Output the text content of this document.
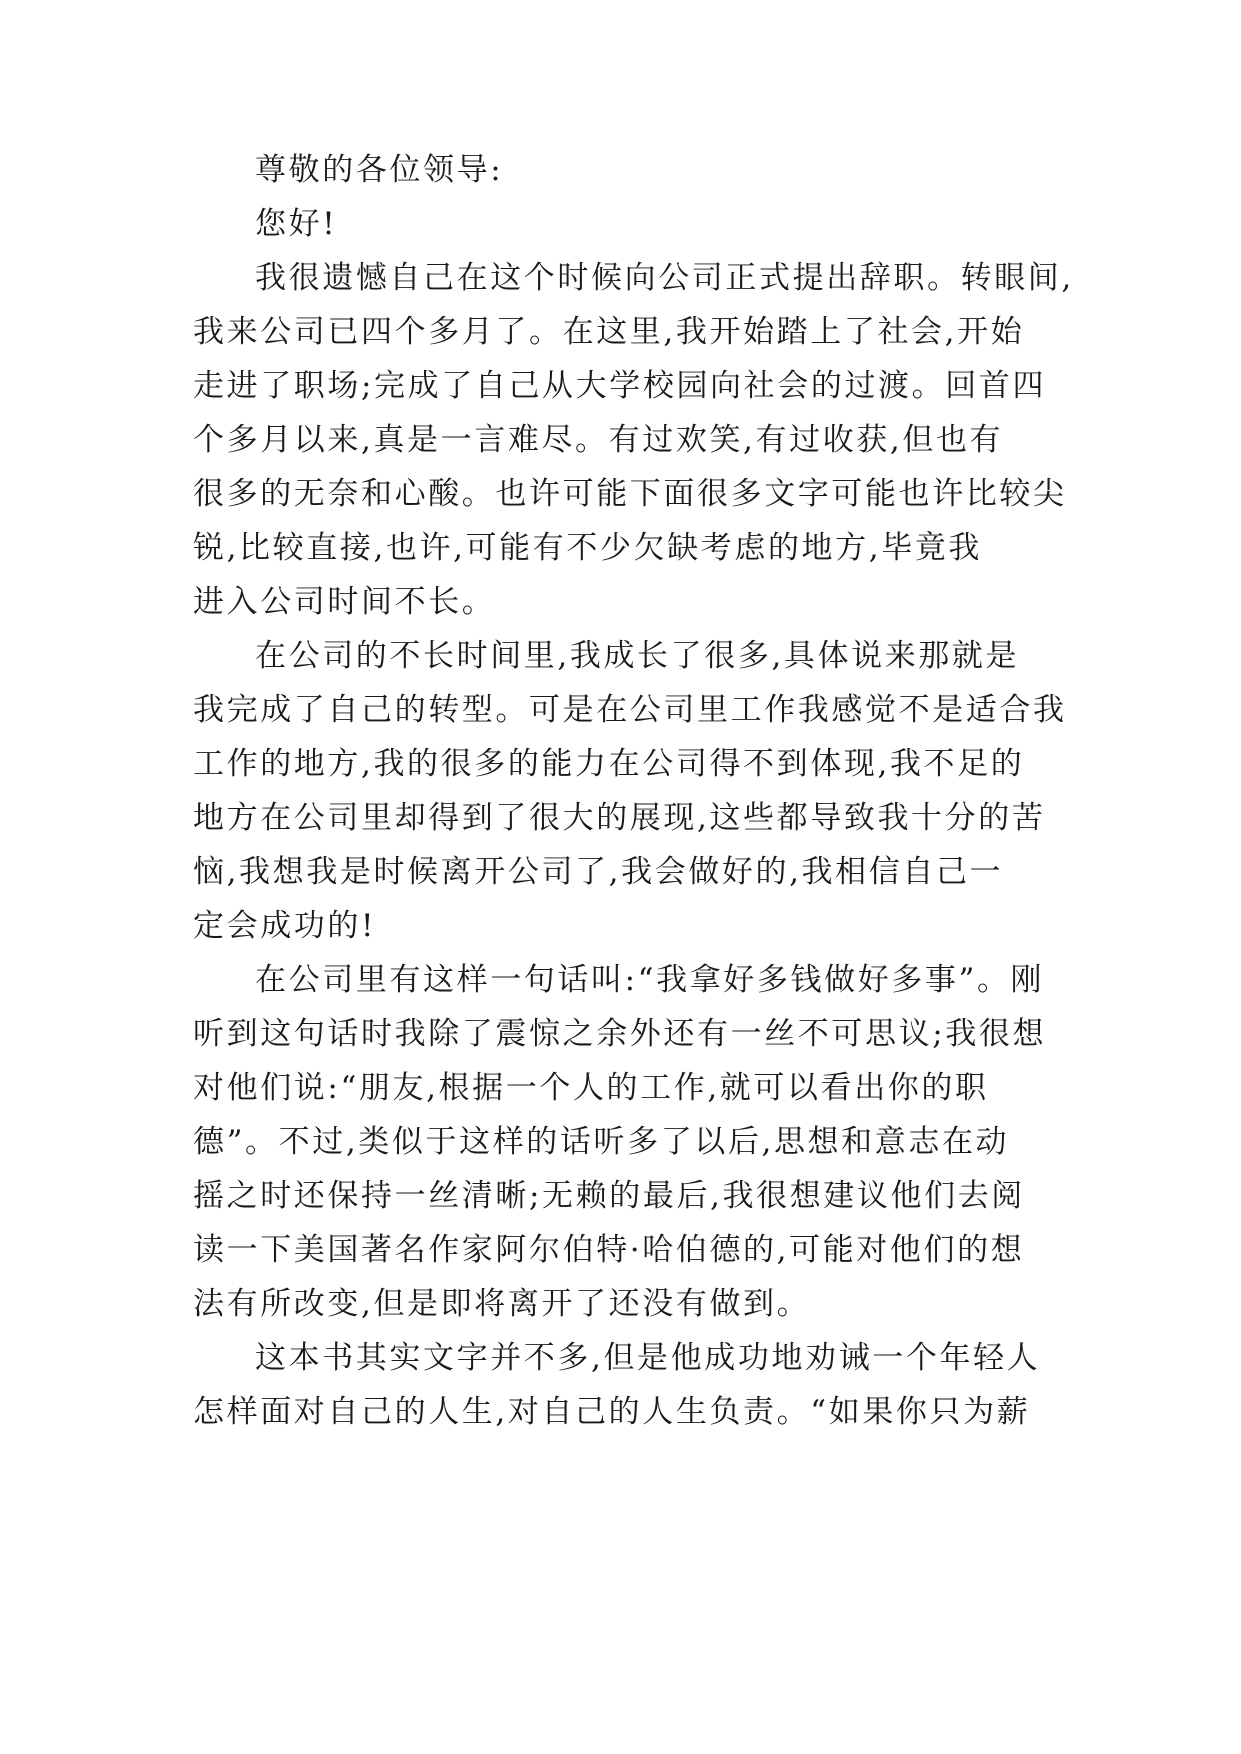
尊敬的各位领导:
您好!
我很遗憾自己在这个时候向公司正式提出辞职。转眼间,
我来公司已四个多月了。在这里,我开始踏上了社会,开始
走进了职场;完成了自己从大学校园向社会的过渡。回首四
个多月以来,真是一言难尽。有过欢笑,有过收获,但也有
很多的无奈和心酸。也许可能下面很多文字可能也许比较尖
锐,比较直接,也许,可能有不少欠缺考虑的地方,毕竟我
进入公司时间不长。
在公司的不长时间里,我成长了很多,具体说来那就是
我完成了自己的转型。可是在公司里工作我感觉不是适合我
工作的地方,我的很多的能力在公司得不到体现,我不足的
地方在公司里却得到了很大的展现,这些都导致我十分的苦
恼,我想我是时候离开公司了,我会做好的,我相信自己一
定会成功的!
在公司里有这样一句话叫:“我拿好多钱做好多事”。刚
听到这句话时我除了震惊之余外还有一丝不可思议;我很想
对他们说:“朋友,根据一个人的工作,就可以看出你的职
德”。不过,类似于这样的话听多了以后,思想和意志在动
摇之时还保持一丝清晰;无赖的最后,我很想建议他们去阅
读一下美国著名作家阿尔伯特·哈伯德的,可能对他们的想
法有所改变,但是即将离开了还没有做到。
这本书其实文字并不多,但是他成功地劝诫一个年轻人
怎样面对自己的人生,对自己的人生负责。“如果你只为薪
